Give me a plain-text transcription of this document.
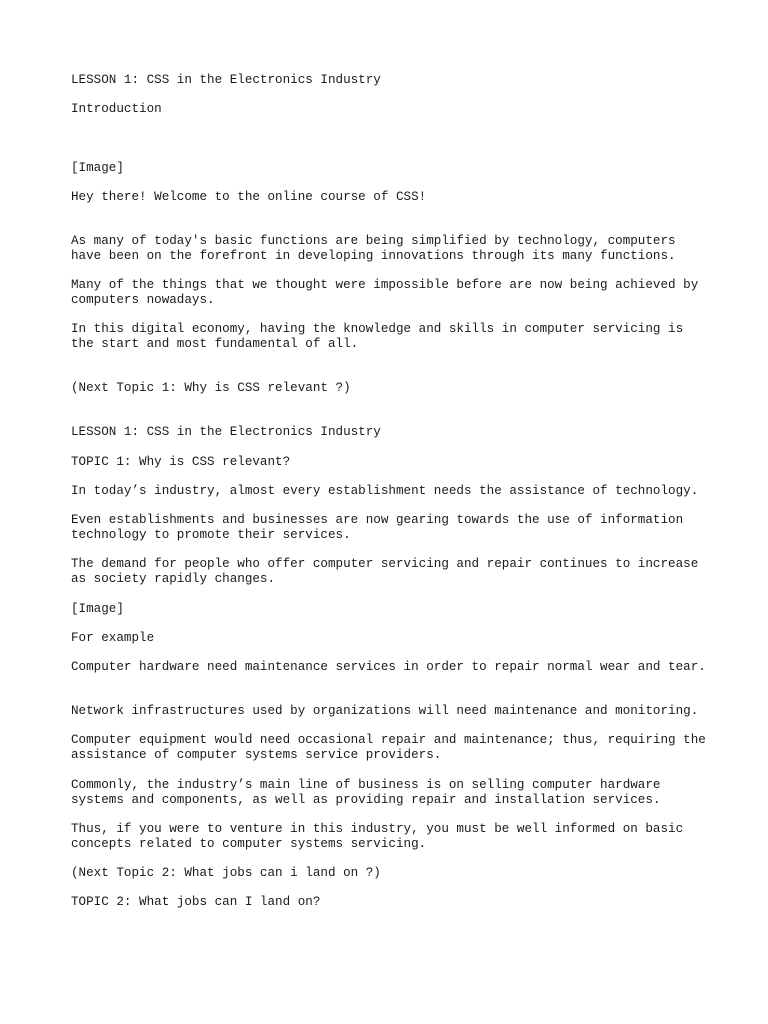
LESSON 1: CSS in the Electronics Industry

Introduction

[Image]

Hey there! Welcome to the online course of CSS!

As many of today's basic functions are being simplified by technology, computers have been on the forefront in developing innovations through its many functions.

Many of the things that we thought were impossible before are now being achieved by computers nowadays.

In this digital economy, having the knowledge and skills in computer servicing is the start and most fundamental of all.

(Next Topic 1: Why is CSS relevant ?)

LESSON 1: CSS in the Electronics Industry

TOPIC 1: Why is CSS relevant?

In today’s industry, almost every establishment needs the assistance of technology.

Even establishments and businesses are now gearing towards the use of information technology to promote their services.

The demand for people who offer computer servicing and repair continues to increase as society rapidly changes.

[Image]

For example

Computer hardware need maintenance services in order to repair normal wear and tear.

Network infrastructures used by organizations will need maintenance and monitoring.

Computer equipment would need occasional repair and maintenance; thus, requiring the assistance of computer systems service providers.

Commonly, the industry’s main line of business is on selling computer hardware systems and components, as well as providing repair and installation services.

Thus, if you were to venture in this industry, you must be well informed on basic concepts related to computer systems servicing.

(Next Topic 2: What jobs can i land on ?)

TOPIC 2: What jobs can I land on?
